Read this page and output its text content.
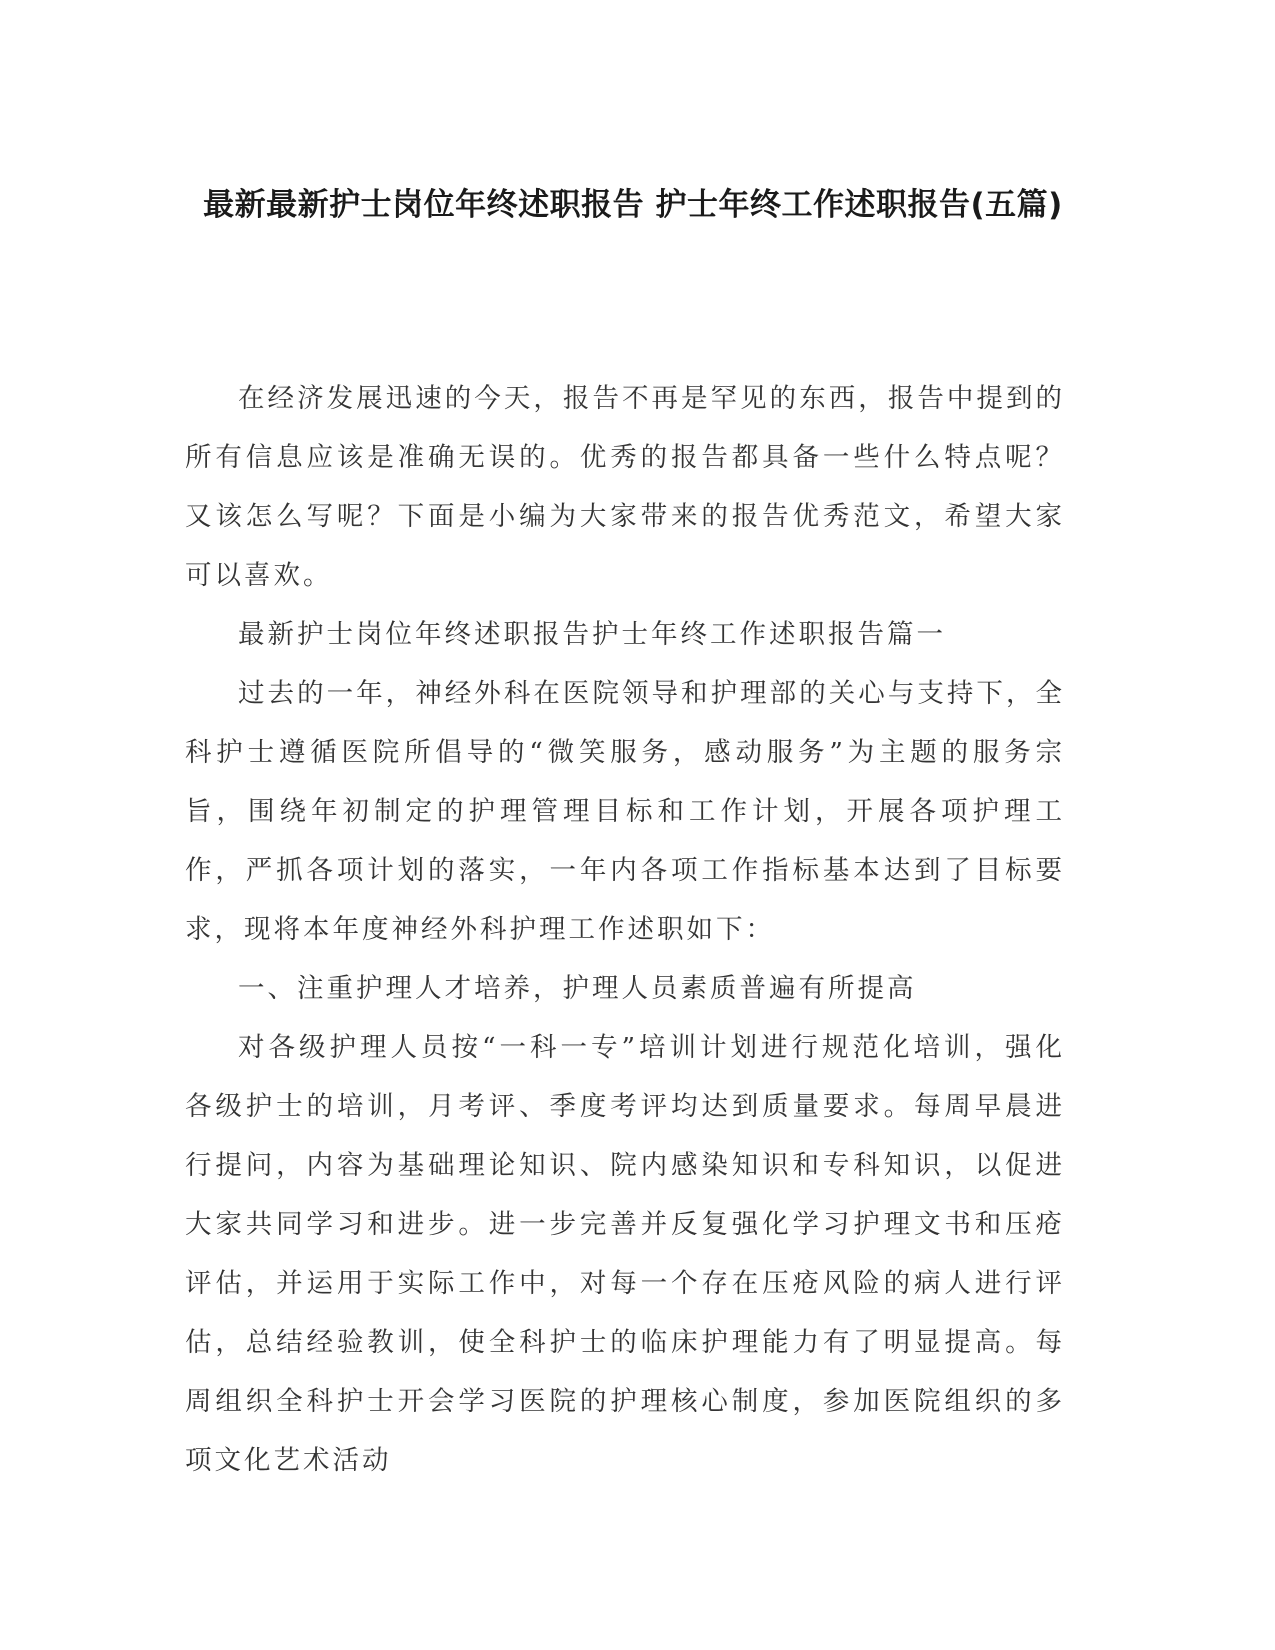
最新最新护士岗位年终述职报告 护士年终工作述职报告(五篇)

在经济发展迅速的今天，报告不再是罕见的东西，报告中提到的所有信息应该是准确无误的。优秀的报告都具备一些什么特点呢？又该怎么写呢？下面是小编为大家带来的报告优秀范文，希望大家可以喜欢。

最新护士岗位年终述职报告护士年终工作述职报告篇一

过去的一年，神经外科在医院领导和护理部的关心与支持下，全科护士遵循医院所倡导的“微笑服务，感动服务”为主题的服务宗旨，围绕年初制定的护理管理目标和工作计划，开展各项护理工作，严抓各项计划的落实，一年内各项工作指标基本达到了目标要求，现将本年度神经外科护理工作述职如下：

一、注重护理人才培养，护理人员素质普遍有所提高

对各级护理人员按“一科一专”培训计划进行规范化培训，强化各级护士的培训，月考评、季度考评均达到质量要求。每周早晨进行提问，内容为基础理论知识、院内感染知识和专科知识，以促进大家共同学习和进步。进一步完善并反复强化学习护理文书和压疮评估，并运用于实际工作中，对每一个存在压疮风险的病人进行评估，总结经验教训，使全科护士的临床护理能力有了明显提高。每周组织全科护士开会学习医院的护理核心制度，参加医院组织的多项文化艺术活动
